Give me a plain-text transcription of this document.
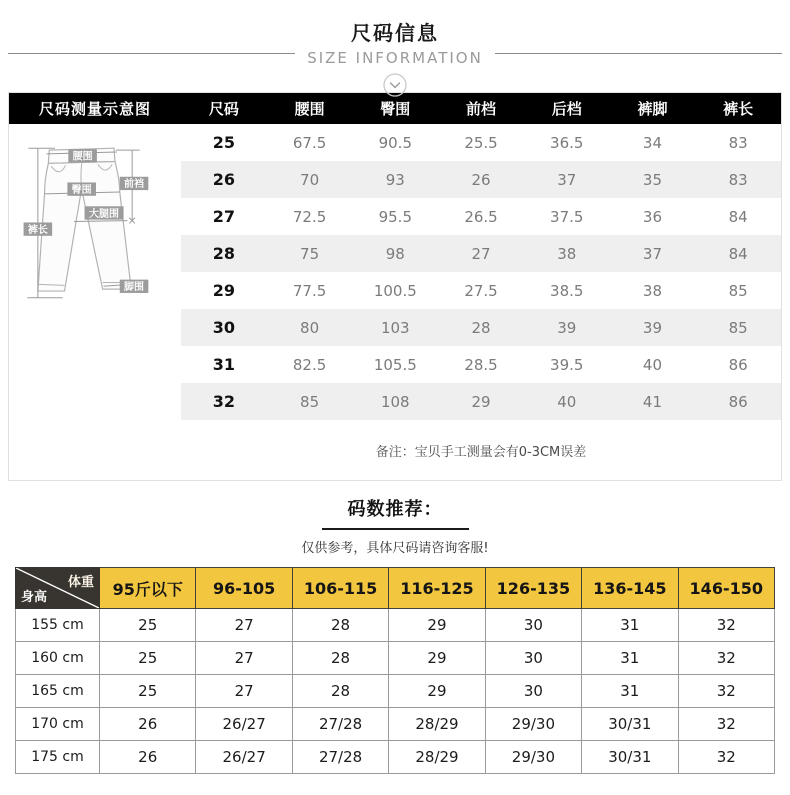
尺码信息
SIZE INFORMATION
尺码测量示意图	尺码	腰围	臀围	前档	后档	裤脚	裤长
腰围
前裆
臀围
大腿围
裤长
脚围
25	67.5	90.5	25.5	36.5	34	83
26	70	93	26	37	35	83
27	72.5	95.5	26.5	37.5	36	84
28	75	98	27	38	37	84
29	77.5	100.5	27.5	38.5	38	85
30	80	103	28	39	39	85
31	82.5	105.5	28.5	39.5	40	86
32	85	108	29	40	41	86
备注：宝贝手工测量会有0-3CM误差
码数推荐：
仅供参考，具体尺码请咨询客服!
体重
身高	95斤以下	96-105	106-115	116-125	126-135	136-145	146-150
155 cm	25	27	28	29	30	31	32
160 cm	25	27	28	29	30	31	32
165 cm	25	27	28	29	30	31	32
170 cm	26	26/27	27/28	28/29	29/30	30/31	32
175 cm	26	26/27	27/28	28/29	29/30	30/31	32
